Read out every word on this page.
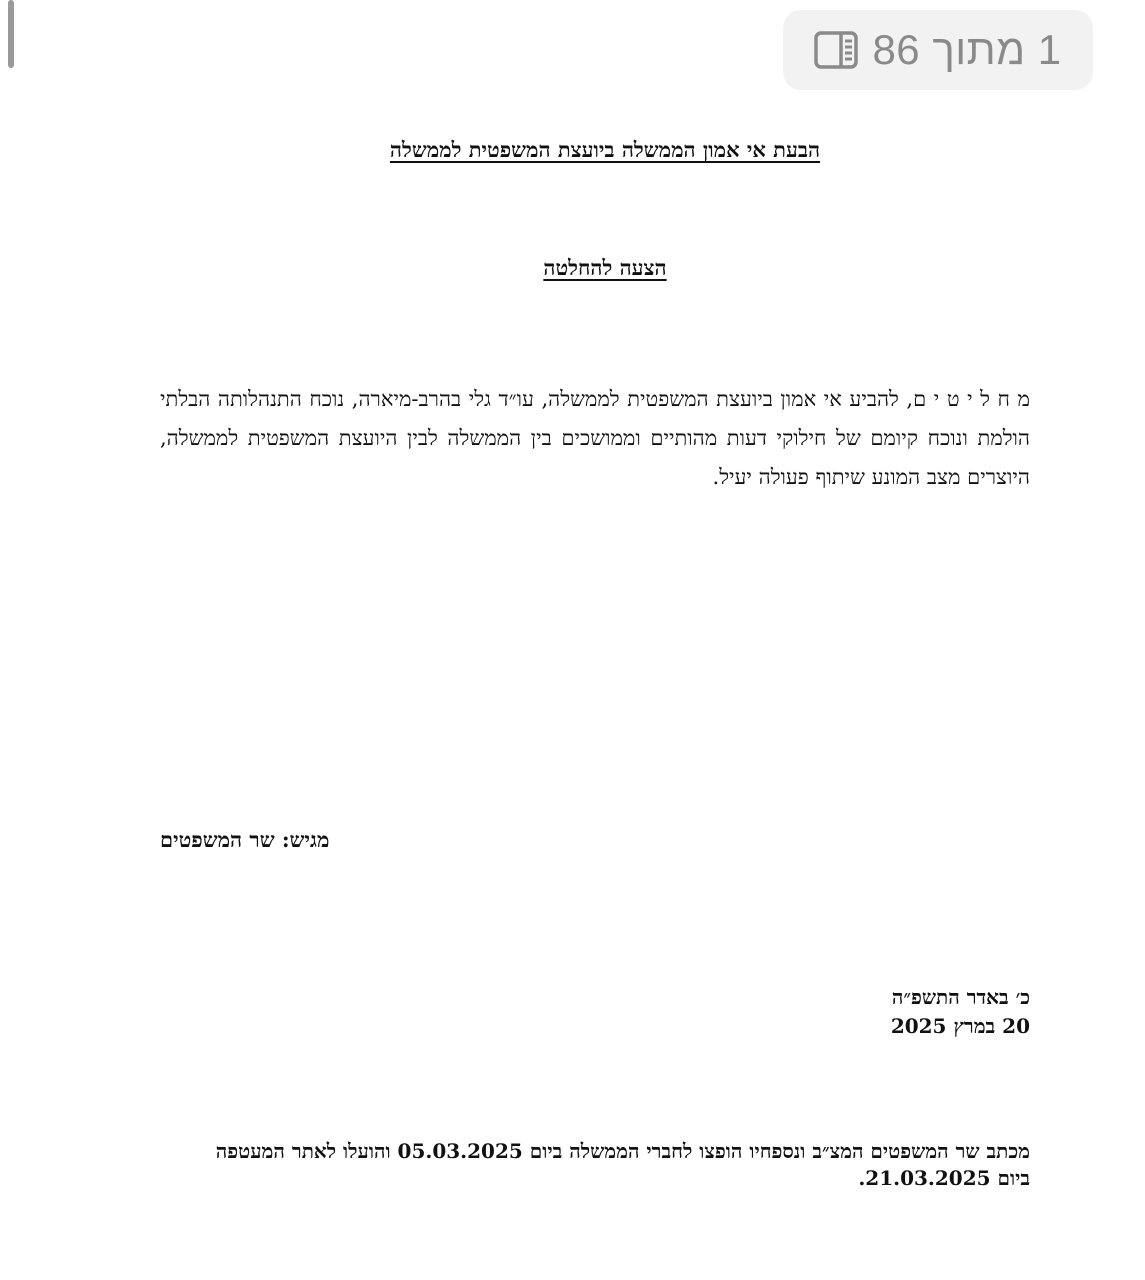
1 מתוך 86
הבעת אי אמון הממשלה ביועצת המשפטית לממשלה
הצעה להחלטה
מ ח ל י ט י ם, להביע אי אמון ביועצת המשפטית לממשלה, עו״ד גלי בהרב-מיארה, נוכח התנהלותה הבלתי הולמת ונוכח קיומם של חילוקי דעות מהותיים וממושכים בין הממשלה לבין היועצת המשפטית לממשלה, היוצרים מצב המונע שיתוף פעולה יעיל.
מגיש: שר המשפטים
כ׳ באדר התשפ״ה
20 במרץ 2025
מכתב שר המשפטים המצ״ב ונספחיו הופצו לחברי הממשלה ביום 05.03.2025 והועלו לאתר המעטפה ביום 21.03.2025.
